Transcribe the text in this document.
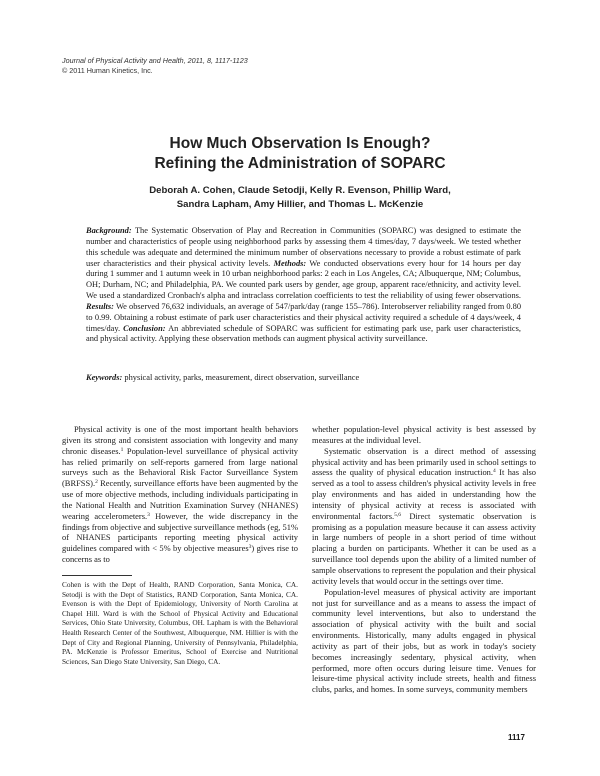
Journal of Physical Activity and Health, 2011, 8, 1117-1123
© 2011 Human Kinetics, Inc.
How Much Observation Is Enough?
Refining the Administration of SOPARC
Deborah A. Cohen, Claude Setodji, Kelly R. Evenson, Phillip Ward,
Sandra Lapham, Amy Hillier, and Thomas L. McKenzie
Background: The Systematic Observation of Play and Recreation in Communities (SOPARC) was designed to estimate the number and characteristics of people using neighborhood parks by assessing them 4 times/day, 7 days/week. We tested whether this schedule was adequate and determined the minimum number of observations necessary to provide a robust estimate of park user characteristics and their physical activity levels. Methods: We conducted observations every hour for 14 hours per day during 1 summer and 1 autumn week in 10 urban neighborhood parks: 2 each in Los Angeles, CA; Albuquerque, NM; Columbus, OH; Durham, NC; and Philadelphia, PA. We counted park users by gender, age group, apparent race/ethnicity, and activity level. We used a standardized Cronbach's alpha and intraclass correlation coefficients to test the reliability of using fewer observations. Results: We observed 76,632 individuals, an average of 547/park/day (range 155–786). Interobserver reliability ranged from 0.80 to 0.99. Obtaining a robust estimate of park user characteristics and their physical activity required a schedule of 4 days/week, 4 times/day. Conclusion: An abbreviated schedule of SOPARC was sufficient for estimating park use, park user characteristics, and physical activity. Applying these observation methods can augment physical activity surveillance.
Keywords: physical activity, parks, measurement, direct observation, surveillance

Physical activity is one of the most important health behaviors given its strong and consistent association with longevity and many chronic diseases.$^1$ Population-level surveillance of physical activity has relied primarily on self-reports garnered from large national surveys such as the Behavioral Risk Factor Surveillance System (BRFSS).$^2$ Recently, surveillance efforts have been augmented by the use of more objective methods, including individuals participating in the National Health and Nutrition Examination Survey (NHANES) wearing accelerometers.$^3$ However, the wide discrepancy in the findings from objective and subjective surveillance methods (eg, 51% of NHANES participants reporting meeting physical activity guidelines compared with < 5% by objective measures$^3$) gives rise to concerns as to

Cohen is with the Dept of Health, RAND Corporation, Santa Monica, CA. Setodji is with the Dept of Statistics, RAND Corporation, Santa Monica, CA. Evenson is with the Dept of Epidemiology, University of North Carolina at Chapel Hill. Ward is with the School of Physical Activity and Educational Services, Ohio State University, Columbus, OH. Lapham is with the Behavioral Health Research Center of the Southwest, Albuquerque, NM. Hillier is with the Dept of City and Regional Planning, University of Pennsylvania, Philadelphia, PA. McKenzie is Professor Emeritus, School of Exercise and Nutritional Sciences, San Diego State University, San Diego, CA.

whether population-level physical activity is best assessed by measures at the individual level.

Systematic observation is a direct method of assessing physical activity and has been primarily used in school settings to assess the quality of physical education instruction.$^4$ It has also served as a tool to assess children's physical activity levels in free play environments and has aided in understanding how the intensity of physical activity at recess is associated with environmental factors.$^{5,6}$ Direct systematic observation is promising as a population measure because it can assess activity in large numbers of people in a short period of time without placing a burden on participants. Whether it can be used as a surveillance tool depends upon the ability of a limited number of sample observations to represent the population and their physical activity levels that would occur in the settings over time.

Population-level measures of physical activity are important not just for surveillance and as a means to assess the impact of community level interventions, but also to understand the association of physical activity with the built and social environments. Historically, many adults engaged in physical activity as part of their jobs, but as work in today's society becomes increasingly sedentary, physical activity, when performed, more often occurs during leisure time. Venues for leisure-time physical activity include streets, health and fitness clubs, parks, and homes. In some surveys, community members

1117
